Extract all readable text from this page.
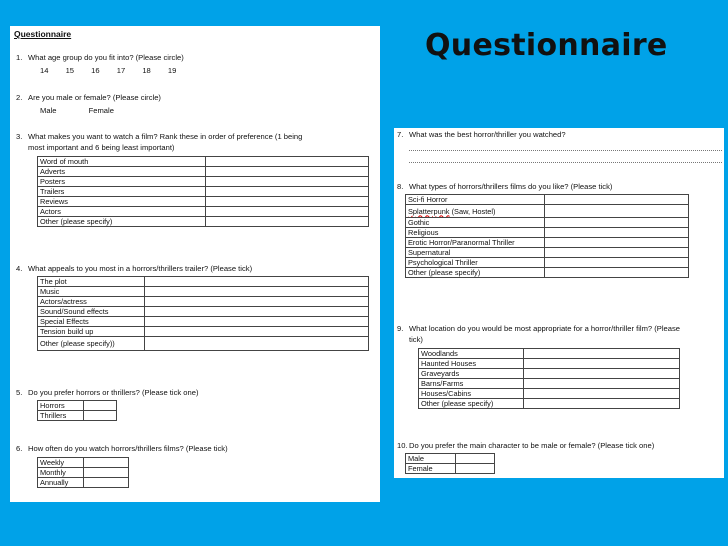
Questionnaire
Questionnaire
1. What age group do you fit into? (Please circle)
14 15 16 17 18 19
2. Are you male or female? (Please circle)
Male	Female
3. What makes you want to watch a film? Rank these in order of preference (1 being
most important and 6 being least important)
Word of mouth	
Adverts	
Posters	
Trailers	
Reviews	
Actors	
Other (please specify)	
4. What appeals to you most in a horrors/thrillers trailer? (Please tick)
The plot	
Music	
Actors/actress	
Sound/Sound effects	
Special Effects	
Tension build up	
Other (please specify))	
5. Do you prefer horrors or thrillers? (Please tick one)
Horrors	
Thrillers	
6. How often do you watch horrors/thrillers films? (Please tick)
Weekly	
Monthly	
Annually	
7. What was the best horror/thriller you watched?
8. What types of horrors/thrillers films do you like? (Please tick)
Sci-fi Horror	
Splatterpunk (Saw, Hostel)	
Gothic	
Religious	
Erotic Horror/Paranormal Thriller	
Supernatural	
Psychological Thriller	
Other (please specify)	
9. What location do you would be most appropriate for a horror/thriller film? (Please
tick)
Woodlands	
Haunted Houses	
Graveyards	
Barns/Farms	
Houses/Cabins	
Other (please specify)	
10.Do you prefer the main character to be male or female? (Please tick one)
Male	
Female	
